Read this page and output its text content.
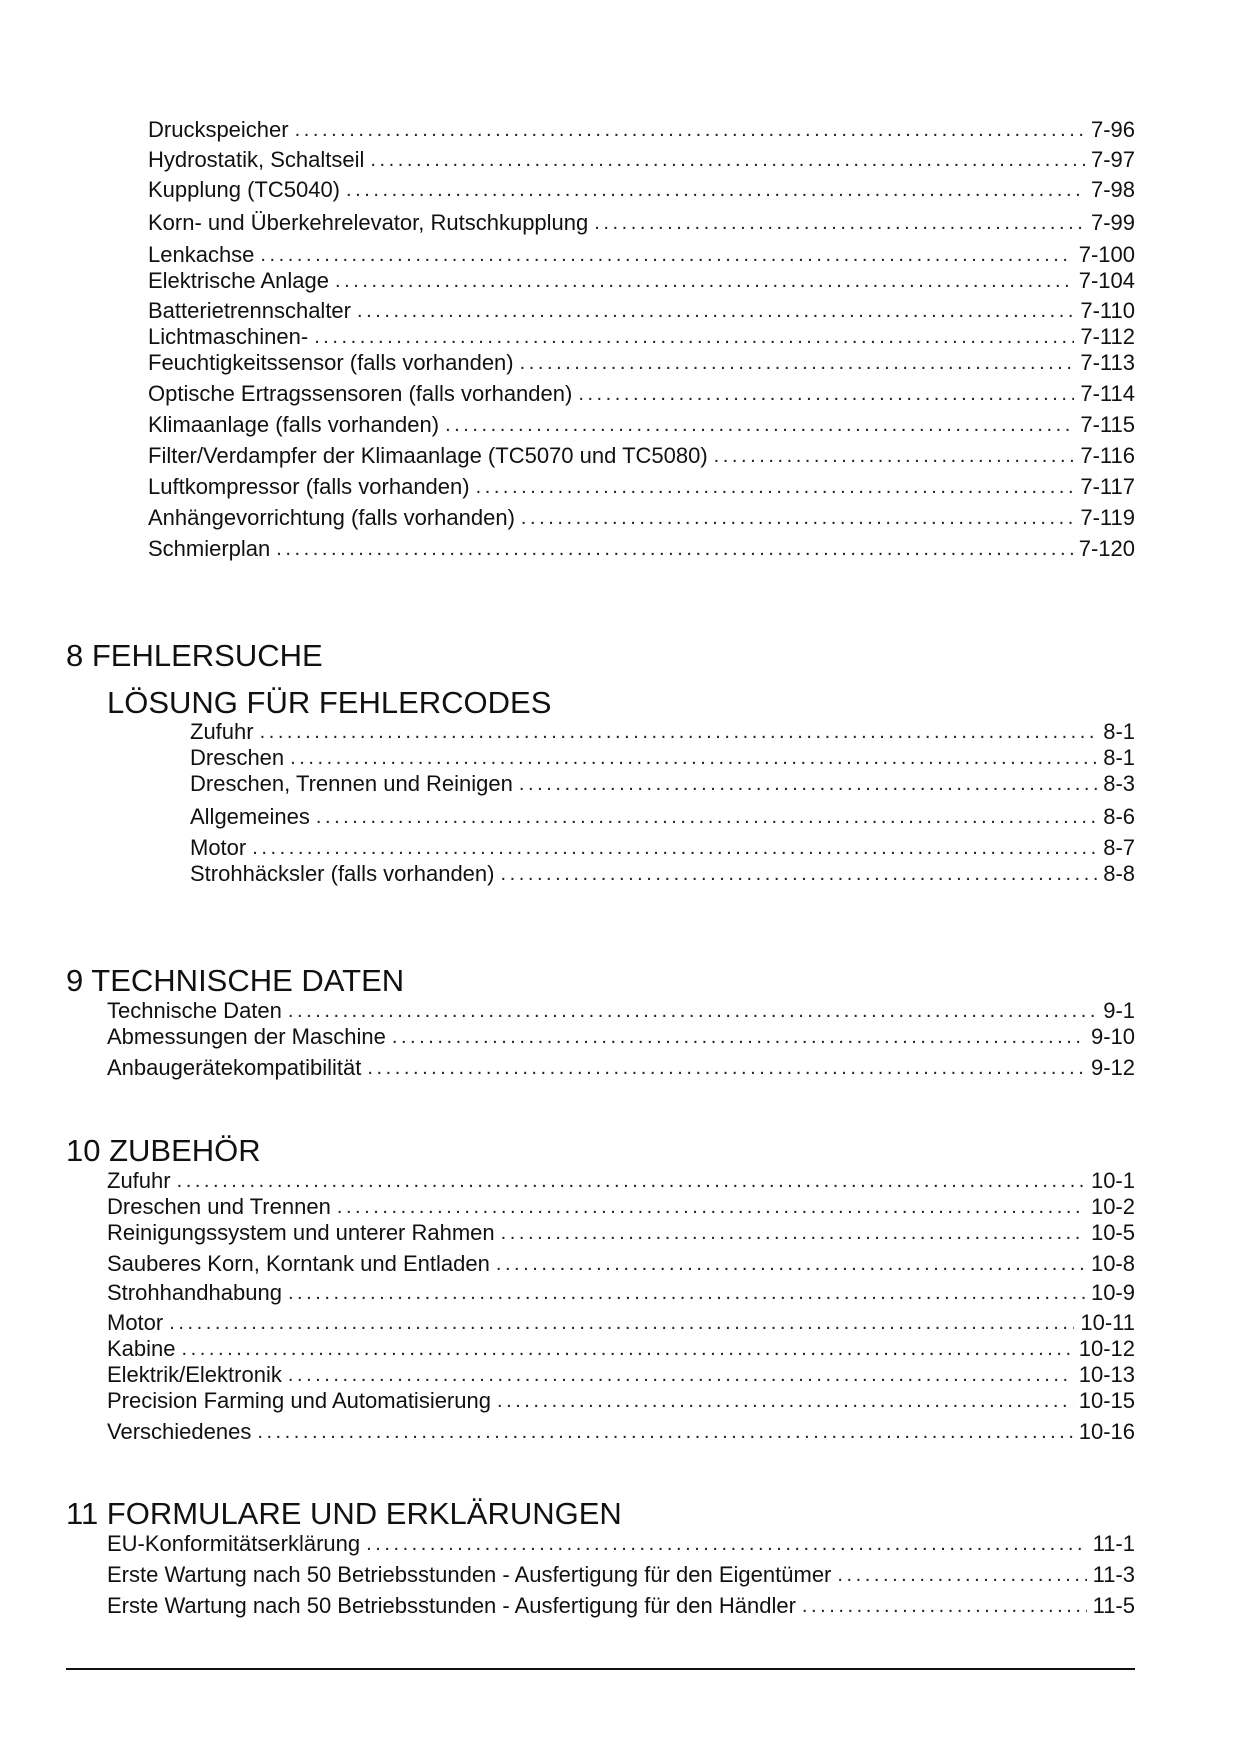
Druckspeicher . . .	7-96
Hydrostatik, Schaltseil . . .	7-97
Kupplung (TC5040) . . .	7-98
Korn- und Überkehrelevator, Rutschkupplung . . .	7-99
Lenkachse . . .	7-100
Elektrische Anlage . . .	7-104
Batterietrennschalter . . .	7-110
Lichtmaschinen- . . .	7-112
Feuchtigkeitssensor (falls vorhanden) . . .	7-113
Optische Ertragssensoren (falls vorhanden) . . .	7-114
Klimaanlage (falls vorhanden) . . .	7-115
Filter/Verdampfer der Klimaanlage (TC5070 und TC5080) . . .	7-116
Luftkompressor (falls vorhanden) . . .	7-117
Anhängevorrichtung (falls vorhanden) . . .	7-119
Schmierplan . . .	7-120
8 FEHLERSUCHE
LÖSUNG FÜR FEHLERCODES
Zufuhr . . .	8-1
Dreschen . . .	8-1
Dreschen, Trennen und Reinigen . . .	8-3
Allgemeines . . .	8-6
Motor . . .	8-7
Strohhäcksler (falls vorhanden) . . .	8-8
9 TECHNISCHE DATEN
Technische Daten . . .	9-1
Abmessungen der Maschine . . .	9-10
Anbaugerätekompatibilität . . .	9-12
10 ZUBEHÖR
Zufuhr . . .	10-1
Dreschen und Trennen . . .	10-2
Reinigungssystem und unterer Rahmen . . .	10-5
Sauberes Korn, Korntank und Entladen . . .	10-8
Strohhandhabung . . .	10-9
Motor . . .	10-11
Kabine . . .	10-12
Elektrik/Elektronik . . .	10-13
Precision Farming und Automatisierung . . .	10-15
Verschiedenes . . .	10-16
11 FORMULARE UND ERKLÄRUNGEN
EU-Konformitätserklärung . . .	11-1
Erste Wartung nach 50 Betriebsstunden - Ausfertigung für den Eigentümer . . .	11-3
Erste Wartung nach 50 Betriebsstunden - Ausfertigung für den Händler . . .	11-5
